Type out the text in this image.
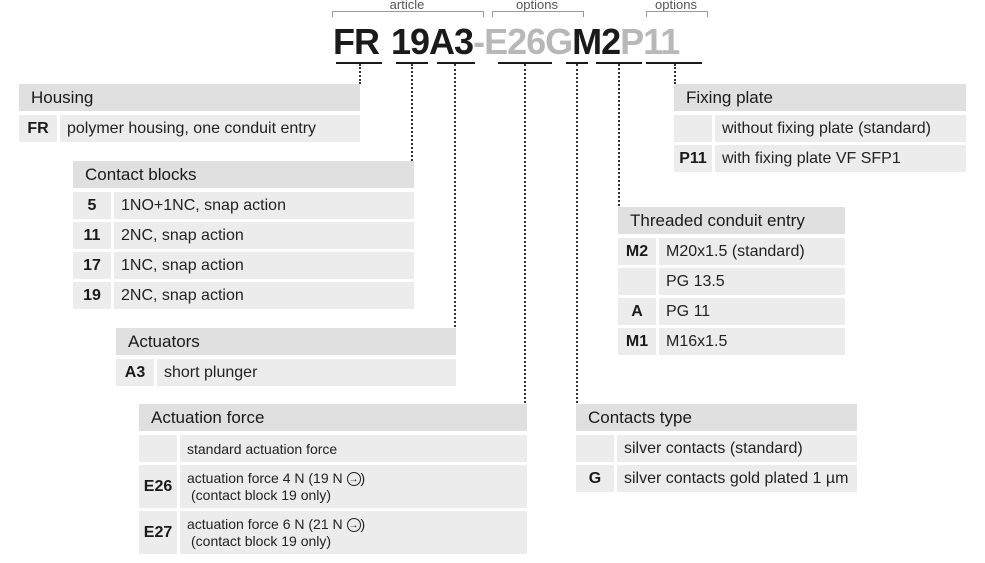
article	options	options
FR 19A3-E26GM2P11
Housing
FR	polymer housing, one conduit entry
Contact blocks
5	1NO+1NC, snap action
11	2NC, snap action
17	1NC, snap action
19	2NC, snap action
Actuators
A3	short plunger
Actuation force
standard actuation force
E26	actuation force 4 N (19 N → )
(contact block 19 only)
E27	actuation force 6 N (21 N → )
(contact block 19 only)
Contacts type
silver contacts (standard)
G	silver contacts gold plated 1 µm
Threaded conduit entry
M2	M20x1.5 (standard)
PG 13.5
A	PG 11
M1	M16x1.5
Fixing plate
without fixing plate (standard)
P11 with fixing plate VF SFP1
